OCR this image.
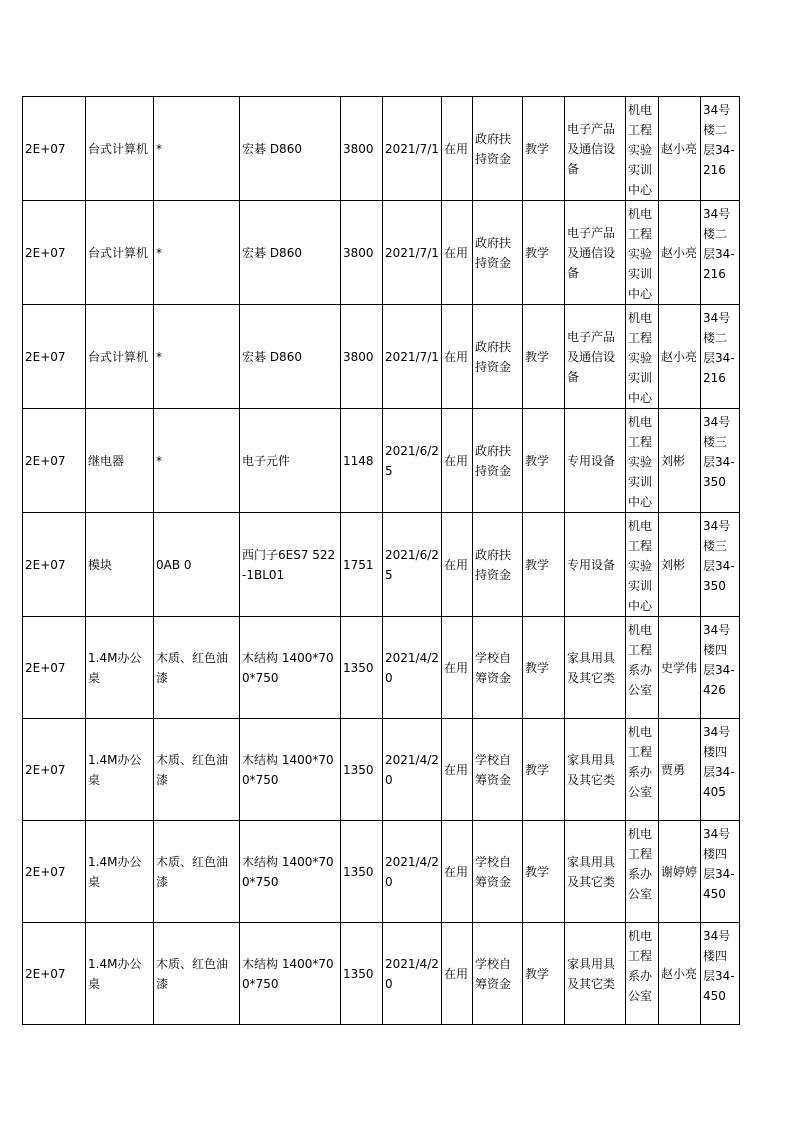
2E+07	台式计算机	*	宏碁 D860	3800	2021/7/1	在用	政府扶持资金	教学	电子产品及通信设备	机电工程实验实训中心	赵小亮	34号楼二层34-216
2E+07	台式计算机	*	宏碁 D860	3800	2021/7/1	在用	政府扶持资金	教学	电子产品及通信设备	机电工程实验实训中心	赵小亮	34号楼二层34-216
2E+07	台式计算机	*	宏碁 D860	3800	2021/7/1	在用	政府扶持资金	教学	电子产品及通信设备	机电工程实验实训中心	赵小亮	34号楼二层34-216
2E+07	继电器	*	电子元件	1148	2021/6/25	在用	政府扶持资金	教学	专用设备	机电工程实验实训中心	刘彬	34号楼三层34-350
2E+07	模块	0AB 0	西门子6ES7 522-1BL01	1751	2021/6/25	在用	政府扶持资金	教学	专用设备	机电工程实验实训中心	刘彬	34号楼三层34-350
2E+07	1.4M办公桌	木质、红色油漆	木结构 1400*700*750	1350	2021/4/20	在用	学校自筹资金	教学	家具用具及其它类	机电工程系办公室	史学伟	34号楼四层34-426
2E+07	1.4M办公桌	木质、红色油漆	木结构 1400*700*750	1350	2021/4/20	在用	学校自筹资金	教学	家具用具及其它类	机电工程系办公室	贾勇	34号楼四层34-405
2E+07	1.4M办公桌	木质、红色油漆	木结构 1400*700*750	1350	2021/4/20	在用	学校自筹资金	教学	家具用具及其它类	机电工程系办公室	谢婷婷	34号楼四层34-450
2E+07	1.4M办公桌	木质、红色油漆	木结构 1400*700*750	1350	2021/4/20	在用	学校自筹资金	教学	家具用具及其它类	机电工程系办公室	赵小亮	34号楼四层34-450
